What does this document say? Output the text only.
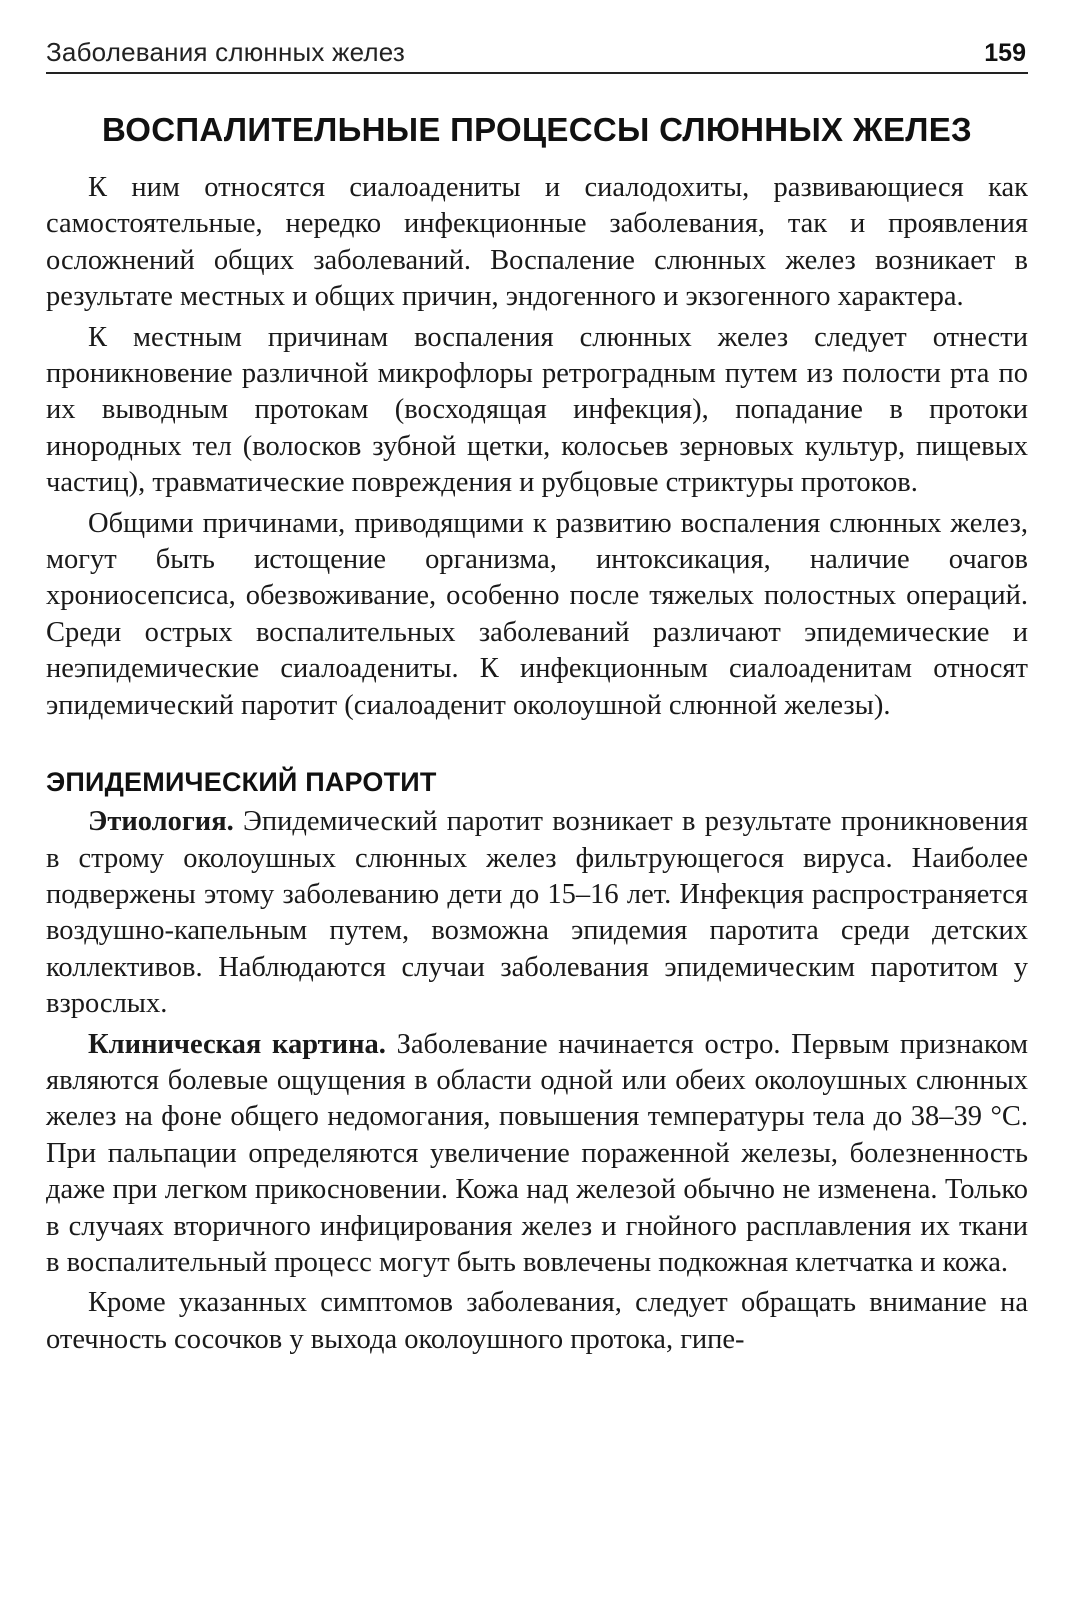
Заболевания слюнных желез	159
ВОСПАЛИТЕЛЬНЫЕ ПРОЦЕССЫ СЛЮННЫХ ЖЕЛЕЗ

К ним относятся сиалоадениты и сиалодохиты, развивающиеся как самостоятельные, нередко инфекционные заболевания, так и проявления осложнений общих заболеваний. Воспаление слюнных желез возникает в результате местных и общих причин, эндогенного и экзогенного характера.

К местным причинам воспаления слюнных желез следует отнести проникновение различной микрофлоры ретроградным путем из полости рта по их выводным протокам (восходящая инфекция), попадание в протоки инородных тел (волосков зубной щетки, колосьев зерновых культур, пищевых частиц), травматические повреждения и рубцовые стриктуры протоков.

Общими причинами, приводящими к развитию воспаления слюнных желез, могут быть истощение организма, интоксикация, наличие очагов хрониосепсиса, обезвоживание, особенно после тяжелых полостных операций. Среди острых воспалительных заболеваний различают эпидемические и неэпидемические сиалоадениты. К инфекционным сиалоаденитам относят эпидемический паротит (сиалоаденит околоушной слюнной железы).

ЭПИДЕМИЧЕСКИЙ ПАРОТИТ

Этиология. Эпидемический паротит возникает в результате проникновения в строму околоушных слюнных желез фильтрующегося вируса. Наиболее подвержены этому заболеванию дети до 15–16 лет. Инфекция распространяется воздушно-капельным путем, возможна эпидемия паротита среди детских коллективов. Наблюдаются случаи заболевания эпидемическим паротитом у взрослых.

Клиническая картина. Заболевание начинается остро. Первым признаком являются болевые ощущения в области одной или обеих околоушных слюнных желез на фоне общего недомогания, повышения температуры тела до 38–39 °С. При пальпации определяются увеличение пораженной железы, болезненность даже при легком прикосновении. Кожа над железой обычно не изменена. Только в случаях вторичного инфицирования желез и гнойного расплавления их ткани в воспалительный процесс могут быть вовлечены подкожная клетчатка и кожа.

Кроме указанных симптомов заболевания, следует обращать внимание на отечность сосочков у выхода околоушного протока, гипе-
